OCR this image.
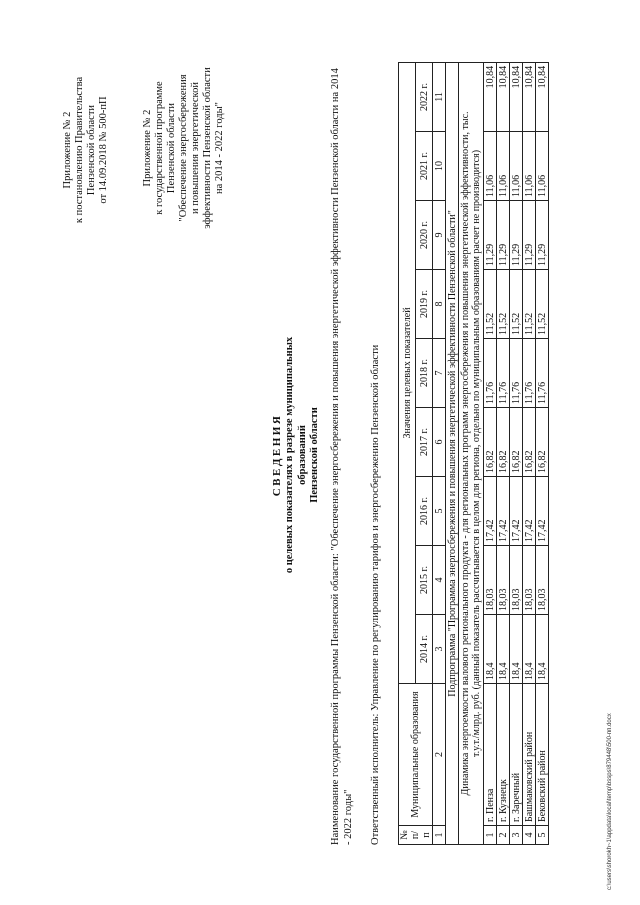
Приложение № 2 к постановлению Правительства Пензенской области от 14.09.2018 № 500-пП	Приложение № 2 к государственной программе Пензенской области "Обеспечение энергосбережения и повышения энергетической эффективности Пензенской области на 2014 - 2022 годы"
СВЕДЕНИЯ о целевых показателях в разрезе муниципальных образований Пензенской области Наименование государственной программы Пензенской области: "Обеспечение энергосбережения и повышения энергетической эффективности Пензенской области на 2014 - 2022 годы" Ответственный исполнитель: Управление по регулированию тарифов и энергосбережению Пензенской области № п/п	Муниципальные образования	Значения целевых показателей								
		2014 г.	2015 г.	2016 г.	2017 г.	2018 г.	2019 г.	2020 г.	2021 г.	2022 г.
1	2	3	4	5	6	7	8	9	10	11
Подпрограмма "Программа энергосбережения и повышения энергетической эффективности Пензенской области"										
Динамика энергоемкости валового регионального продукта - для региональных программ энергосбережения и повышения энергетической эффективности, тыс. т.у.т./млрд. руб. (данный показатель рассчитывается в целом для региона, отдельно по муниципальным образованиям расчет не производится)										
1	г. Пенза	18,4	18,03	17,42	16,82	11,76	11,52	11,29	11,06	10,84
2	г. Кузнецк	18,4	18,03	17,42	16,82	11,76	11,52	11,29	11,06	10,84
3	г. Заречный	18,4	18,03	17,42	16,82	11,76	11,52	11,29	11,06	10,84
4	Башмаковский район	18,4	18,03	17,42	16,82	11,76	11,52	11,29	11,06	10,84
5	Бековский район	18,4	18,03	17,42	16,82	11,76	11,52	11,29	11,06	10,84
c:\users\shorokh~1\appdata\local\temp\bssps\879448\500-пп.docx
